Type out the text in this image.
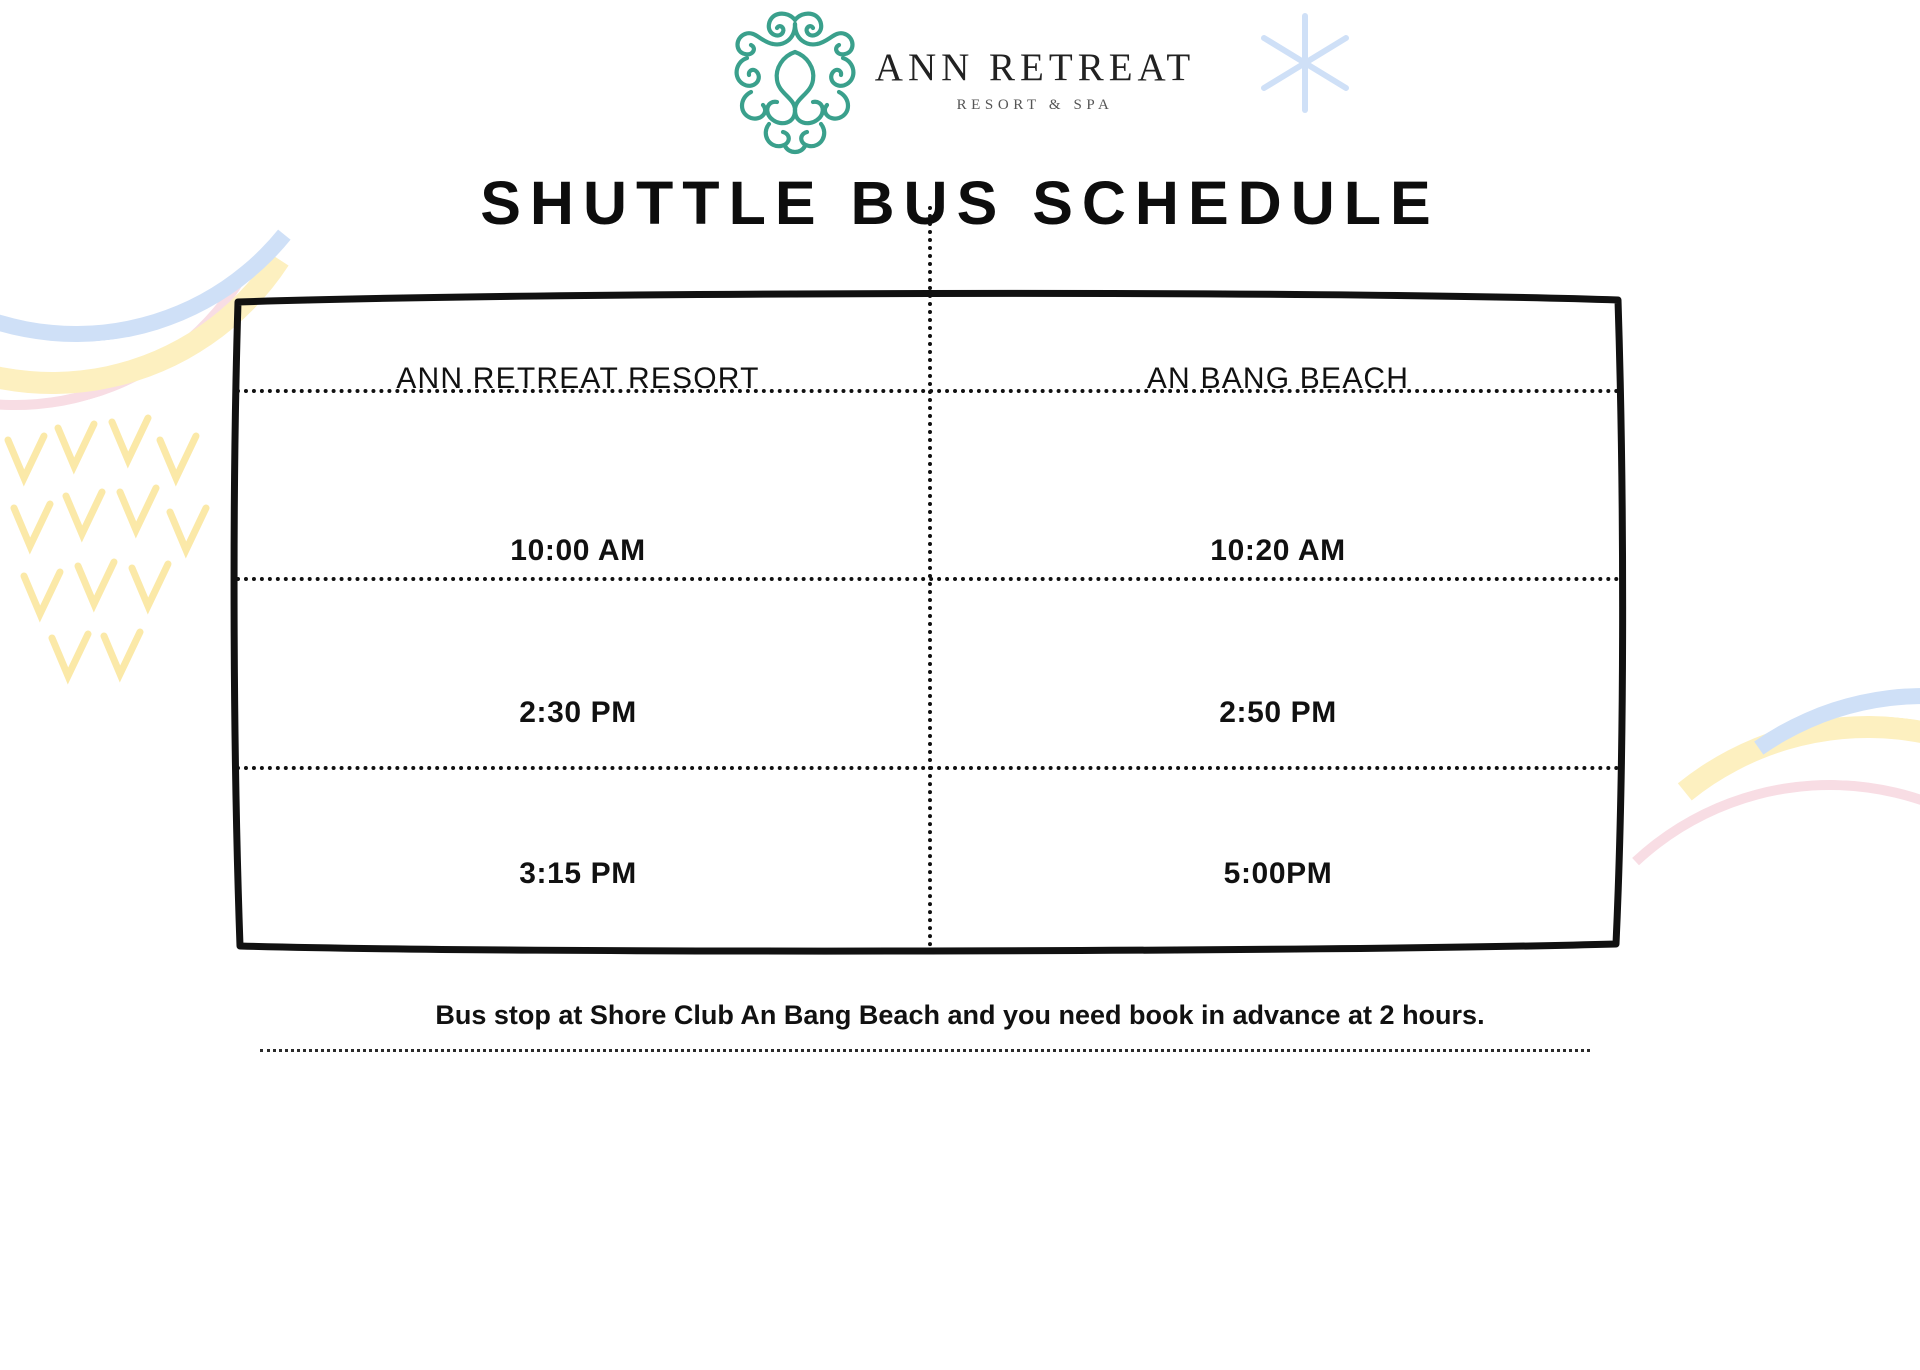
ANN RETREAT
RESORT & SPA
SHUTTLE BUS SCHEDULE
ANN RETREAT RESORT	AN BANG BEACH
10:00 AM	10:20 AM
2:30 PM	2:50 PM
3:15 PM	5:00PM
Bus stop at Shore Club An Bang Beach and you need book in advance at 2 hours.
